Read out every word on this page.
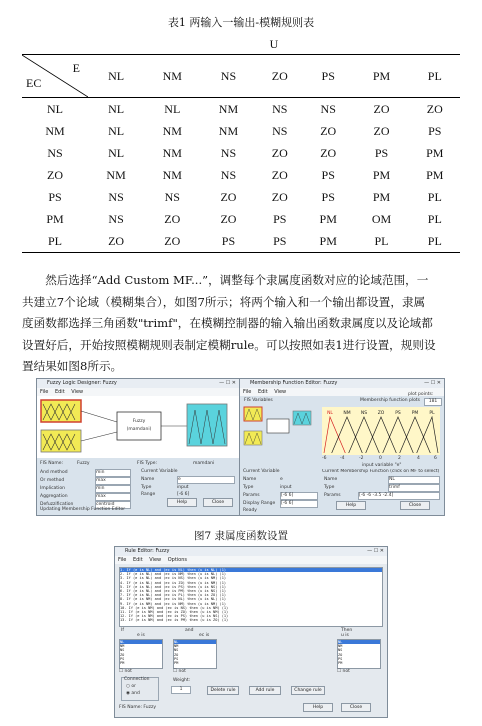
表1 两输入一输出-模糊规则表
	U						

E
EC	NL	NM	NS	ZO	PS	PM	PL
NL	NL	NL	NM	NS	NS	ZO	ZO
NM	NL	NM	NM	NS	ZO	ZO	PS
NS	NL	NM	NS	ZO	ZO	PS	PM
ZO	NM	NM	NS	ZO	PS	PM	PM
PS	NS	NS	ZO	ZO	PS	PM	PL
PM	NS	ZO	ZO	PS	PM	OM	PL
PL	ZO	ZO	PS	PS	PM	PL	PL
然后选择“Add Custom MF...”，调整每个隶属度函数对应的论域范围，一
共建立7个论域（模糊集合），如图7所示；将两个输入和一个输出都设置，隶属
度函数都选择三角函数"trimf"，在模糊控制器的输入输出函数隶属度以及论域都
设置好后，开始按照模糊规则表制定模糊rule。可以按照如表1进行设置，规则设
置结果如图8所示。
Fuzzy Logic Designer: Fuzzy	— ☐ ✕
File Edit View
Fuzzy
(mamdani)
FIS Name:	Fuzzy	FIS Type:	mamdani
And method	min
Or method	max
Implication	min
Aggregation	max
Defuzzification	centroid
Current Variable
Name	e
Type	input
Range	[-6 6]
Help	Close
Updating Membership Function Editor
Membership Function Editor: Fuzzy	— ☐ ✕
File Edit View
FIS Variables	Membership function plots
plot points:
181
NL NM NS ZO PS PM PL
-6	-4	-2	0	2	4	6
input variable "e"
Current Variable
Name	e
Type	input
Params	[-6 6]
Display Range [-6 6]
Current Membership Function (click on MF to select)
Name	NL
Type	trimf
Params	[-6 -6 -3.5 -2.4]
Help	Close
Ready
图7 隶属度函数设置
Rule Editor: Fuzzy	— ☐ ✕
File Edit View Options
1. If (e is NL) and (ec is NL) then (u is NL) (1)
2. If (e is NL) and (ec is NM) then (u is NL) (1)
3. If (e is NL) and (ec is NS) then (u is NM) (1)
4. If (e is NL) and (ec is ZO) then (u is NM) (1)
5. If (e is NL) and (ec is PS) then (u is NS) (1)
6. If (e is NL) and (ec is PM) then (u is NS) (1)
7. If (e is NL) and (ec is PL) then (u is ZO) (1)
8. If (e is NM) and (ec is NL) then (u is NL) (1)
9. If (e is NM) and (ec is NM) then (u is NM) (1)
10. If (e is NM) and (ec is NS) then (u is NM) (1)
11. If (e is NM) and (ec is ZO) then (u is NM) (1)
12. If (e is NM) and (ec is PS) then (u is NS) (1)
13. If (e is NM) and (ec is PM) then (u is ZO) (1)
If	and	Then
e is	ec is	u is
NL
NM
NS
ZO
PS
PM
NL
NM
NS
ZO
PS
PM
NL
NM
NS
ZO
PS
PM
☐ not	☐ not	☐ not
Connection
○ or
◉ and
Weight:
1	Delete rule	Add rule	Change rule
FIS Name: Fuzzy	Help	Close
